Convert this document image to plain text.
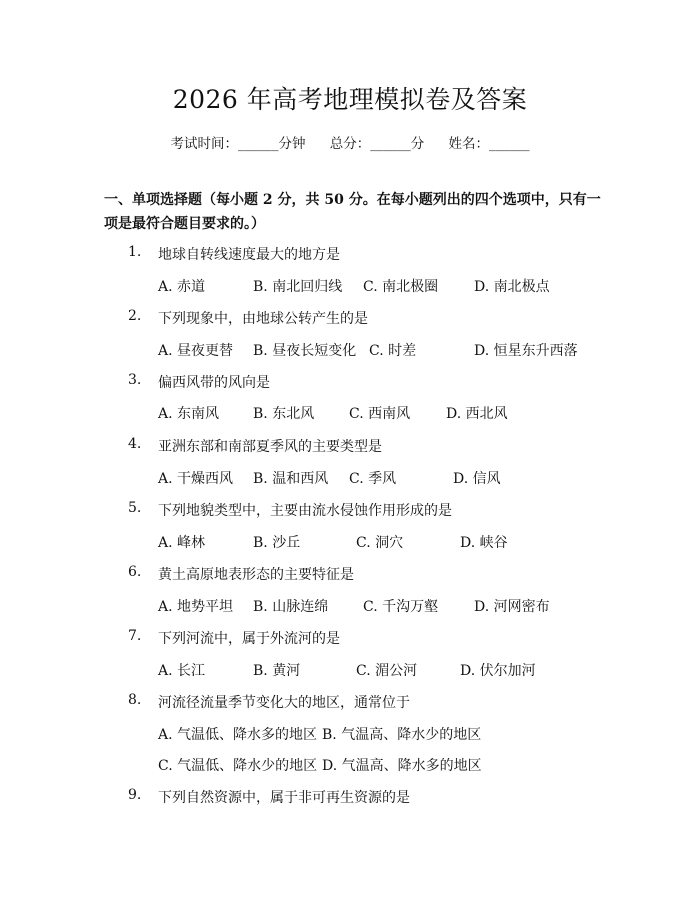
2026 年高考地理模拟卷及答案
考试时间：______分钟 总分：______分 姓名：______
一、单项选择题（每小题 2 分，共 50 分。在每小题列出的四个选项中，只有一项是最符合题目要求的。）
1.	地球自转线速度最大的地方是
A. 赤道	B. 南北回归线 C. 南北极圈	D. 南北极点
2.	下列现象中，由地球公转产生的是
A. 昼夜更替 B. 昼夜长短变化 C. 时差	D. 恒星东升西落
3.	偏西风带的风向是
A. 东南风 B. 东北风 C. 西南风	D. 西北风
4.	亚洲东部和南部夏季风的主要类型是
A. 干燥西风 B. 温和西风 C. 季风	D. 信风
5.	下列地貌类型中，主要由流水侵蚀作用形成的是
A. 峰林	B. 沙丘	C. 洞穴	D. 峡谷
6.	黄土高原地表形态的主要特征是
A. 地势平坦 B. 山脉连绵 C. 千沟万壑	D. 河网密布
7.	下列河流中，属于外流河的是
A. 长江	B. 黄河	C. 湄公河	D. 伏尔加河
8.	河流径流量季节变化大的地区，通常位于
A. 气温低、降水多的地区 B. 气温高、降水少的地区
C. 气温低、降水少的地区 D. 气温高、降水多的地区
9.	下列自然资源中，属于非可再生资源的是
